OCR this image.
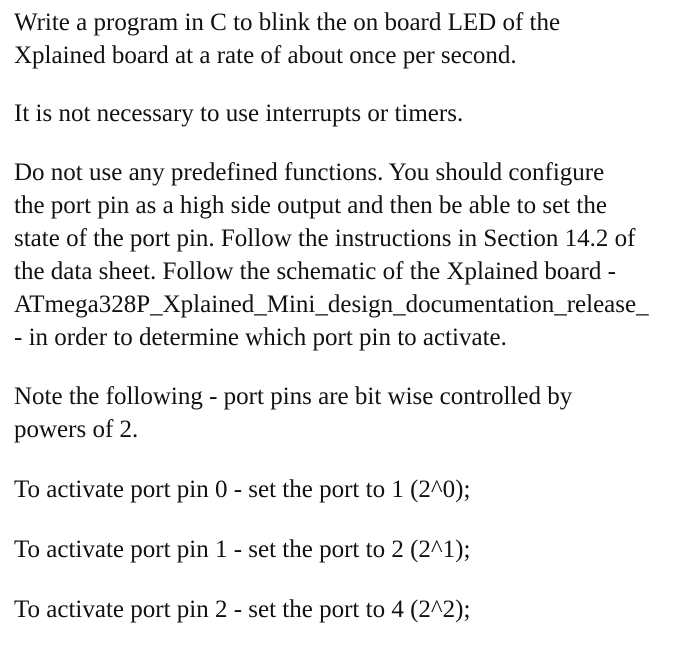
Write a program in C to blink the on board LED of the
Xplained board at a rate of about once per second.

It is not necessary to use interrupts or timers.

Do not use any predefined functions. You should configure
the port pin as a high side output and then be able to set the
state of the port pin. Follow the instructions in Section 14.2 of
the data sheet. Follow the schematic of the Xplained board -
ATmega328P_Xplained_Mini_design_documentation_release_
- in order to determine which port pin to activate.

Note the following - port pins are bit wise controlled by
powers of 2.

To activate port pin 0 - set the port to 1 (2^0);

To activate port pin 1 - set the port to 2 (2^1);

To activate port pin 2 - set the port to 4 (2^2);
